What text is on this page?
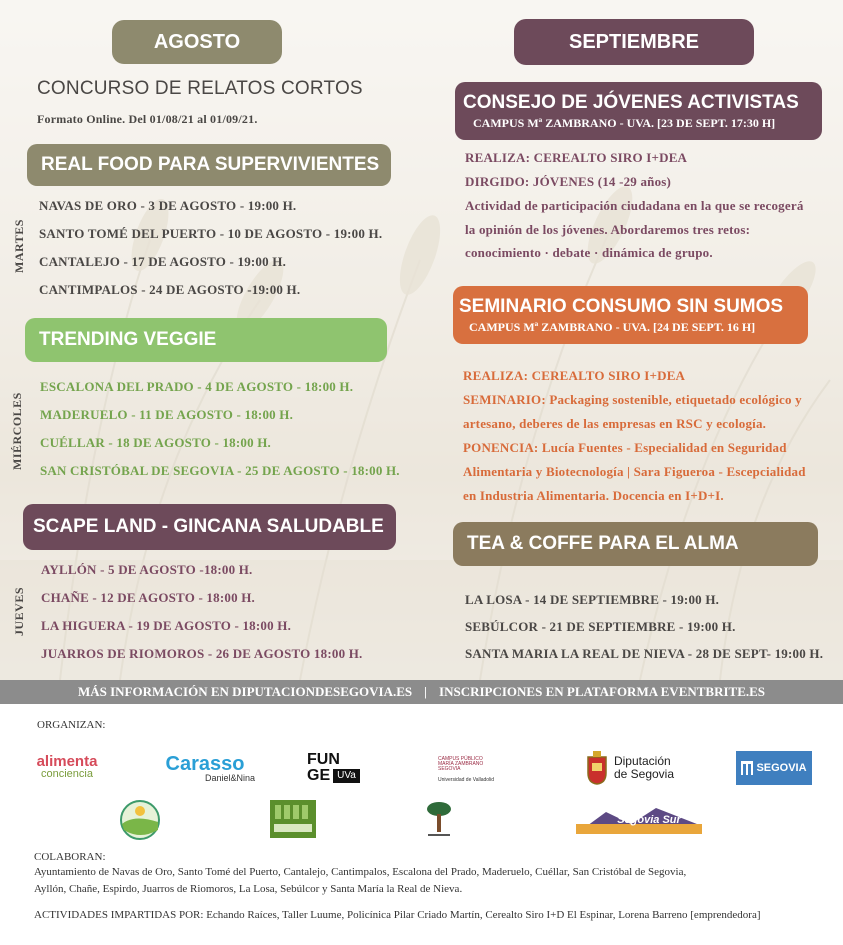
AGOSTO
CONCURSO DE RELATOS CORTOS
Formato Online. Del 01/08/21 al 01/09/21.
REAL FOOD PARA SUPERVIVIENTES
MARTES
NAVAS DE ORO - 3 DE AGOSTO - 19:00 H.
SANTO TOMÉ DEL PUERTO - 10 DE AGOSTO - 19:00 H.
CANTALEJO - 17 DE AGOSTO - 19:00 H.
CANTIMPALOS - 24 DE AGOSTO -19:00 H.
TRENDING VEGGIE
MIÉRCOLES
ESCALONA DEL PRADO - 4 DE AGOSTO - 18:00 H.
MADERUELO - 11 DE AGOSTO - 18:00 H.
CUÉLLAR - 18 DE AGOSTO - 18:00 H.
SAN CRISTÓBAL DE SEGOVIA - 25 DE AGOSTO - 18:00 H.
SCAPE LAND - GINCANA SALUDABLE
JUEVES
AYLLÓN - 5 DE AGOSTO -18:00 H.
CHAÑE - 12 DE AGOSTO - 18:00 H.
LA HIGUERA - 19 DE AGOSTO - 18:00 H.
JUARROS DE RIOMOROS - 26 DE AGOSTO 18:00 H.
SEPTIEMBRE
CONSEJO DE JÓVENES ACTIVISTAS
CAMPUS Mª ZAMBRANO - UVA. [23 DE SEPT. 17:30 H]
REALIZA: CEREALTO SIRO I+DEA
DIRGIDO: JÓVENES (14 -29 años)
Actividad de participación ciudadana en la que se recogerá
la opinión de los jóvenes. Abordaremos tres retos:
conocimiento · debate · dinámica de grupo.
SEMINARIO CONSUMO SIN SUMOS
CAMPUS Mª ZAMBRANO - UVA. [24 DE SEPT. 16 H]
REALIZA: CEREALTO SIRO I+DEA
SEMINARIO: Packaging sostenible, etiquetado ecológico y
artesano, deberes de las empresas en RSC y ecología.
PONENCIA: Lucía Fuentes - Especialidad en Seguridad
Alimentaria y Biotecnología | Sara Figueroa - Escepcialidad
en Industria Alimentaria. Docencia en I+D+I.
TEA & COFFE PARA EL ALMA
LA LOSA - 14 DE SEPTIEMBRE - 19:00 H.
SEBÚLCOR - 21 DE SEPTIEMBRE - 19:00 H.
SANTA MARIA LA REAL DE NIEVA - 28 DE SEPT- 19:00 H.
MÁS INFORMACIÓN EN DIPUTACIONDESEGOVIA.ES | INSCRIPCIONES EN PLATAFORMA EVENTBRITE.ES
ORGANIZAN:
alimenta
conciencia	Carasso
Daniel&Nina
FUN
GE UVa
CAMPUS PÚBLICO
MARÍA ZAMBRANO
SEGOVIA
Universidad de Valladolid
Diputación
de Segovia	SEGOVIA
Segovia Sur
COLABORAN:
Ayuntamiento de Navas de Oro, Santo Tomé del Puerto, Cantalejo, Cantimpalos, Escalona del Prado, Maderuelo, Cuéllar, San Cristóbal de Segovia,
Ayllón, Chañe, Espirdo, Juarros de Riomoros, La Losa, Sebúlcor y Santa María la Real de Nieva.
ACTIVIDADES IMPARTIDAS POR: Echando Raíces, Taller Luume, Policínica Pilar Criado Martín, Cerealto Siro I+D El Espinar, Lorena Barreno [emprendedora]
